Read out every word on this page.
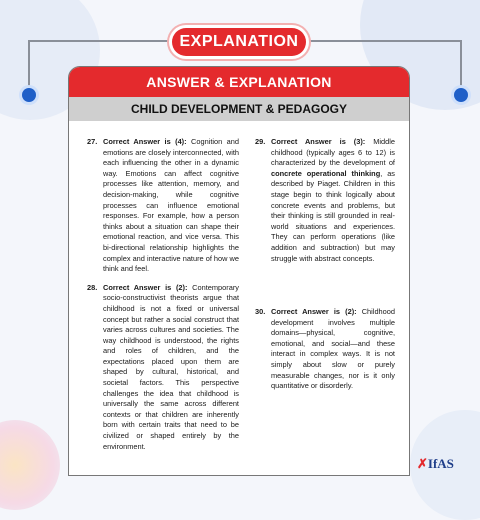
EXPLANATION
ANSWER & EXPLANATION
CHILD DEVELOPMENT & PEDAGOGY
27. Correct Answer is (4): Cognition and emotions are closely interconnected, with each influencing the other in a dynamic way. Emotions can affect cognitive processes like attention, memory, and decision-making, while cognitive processes can influence emotional responses. For example, how a person thinks about a situation can shape their emotional reaction, and vice versa. This bi-directional relationship highlights the complex and interactive nature of how we think and feel.
28. Correct Answer is (2): Contemporary socio-constructivist theorists argue that childhood is not a fixed or universal concept but rather a social construct that varies across cultures and societies. The way childhood is understood, the rights and roles of children, and the expectations placed upon them are shaped by cultural, historical, and societal factors. This perspective challenges the idea that childhood is universally the same across different contexts or that children are inherently born with certain traits that need to be civilized or shaped entirely by the environment.
29. Correct Answer is (3): Middle childhood (typically ages 6 to 12) is characterized by the development of concrete operational thinking, as described by Piaget. Children in this stage begin to think logically about concrete events and problems, but their thinking is still grounded in real-world situations and experiences. They can perform operations (like addition and subtraction) but may struggle with abstract concepts.
30. Correct Answer is (2): Childhood development involves multiple domains—physical, cognitive, emotional, and social—and these interact in complex ways. It is not simply about slow or purely measurable changes, nor is it only quantitative or disorderly.
✗IfAS
